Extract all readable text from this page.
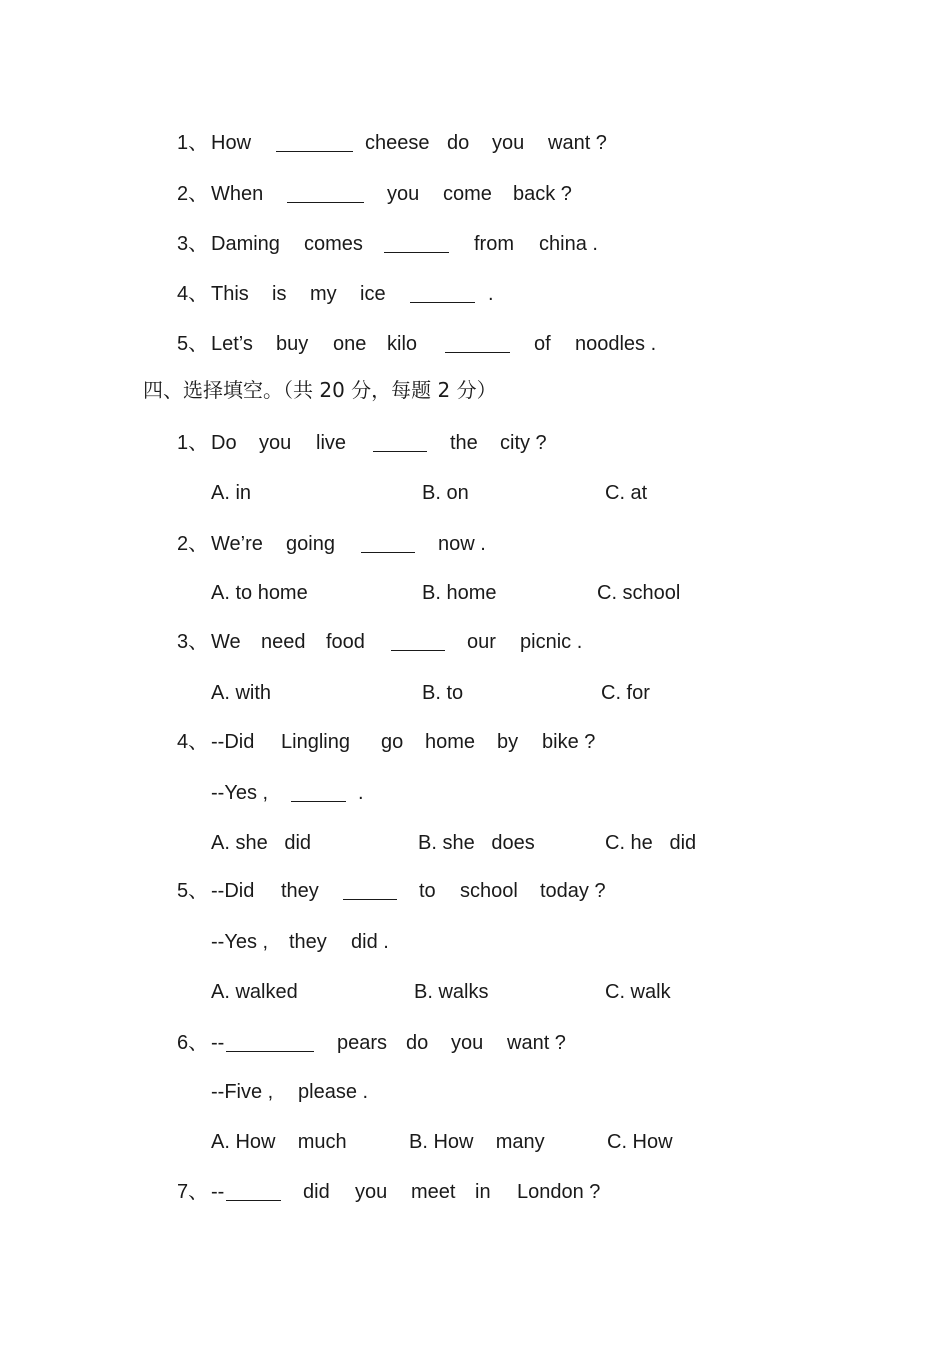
1、 How	cheese do you want ?
2、 When	you come back ?
3、 Daming comes	from china .
4、 This is my ice	.
5、 Let’s buy one kilo	of noodles .
四、选择填空。（共 20 分，每题 2 分）
1、 Do you live	the city ?
A. in	B. on	C. at
2、 We’re going	now .
A. to home	B. home	C. school
3、 We need food	our picnic .
A. with	B. to	C. for
4、 --Did Lingling go home by bike ?
--Yes ,	.
A. she   did	B. she   does	C. he   did
5、 --Did they	to school today ?
--Yes , they did .
A. walked	B. walks	C. walk
6、 --	pears do you want ?
--Five , please .
A. How    much	B. How    many	C. How
7、 --	did you meet in London ?
